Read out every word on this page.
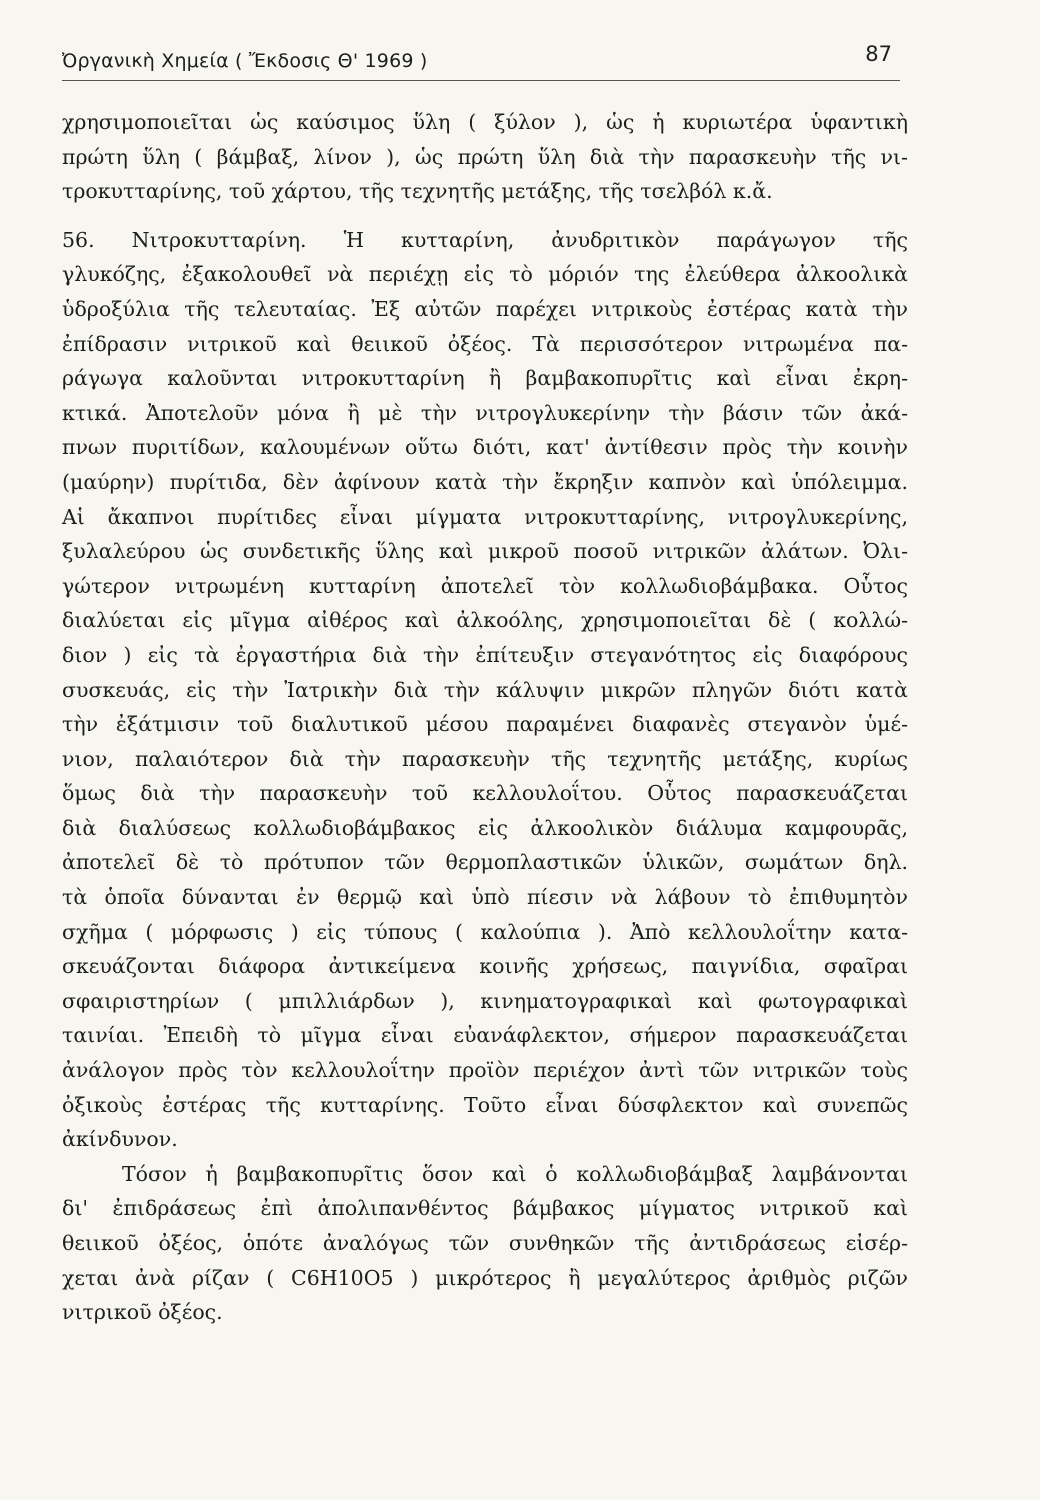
Ὀργανικὴ Χημεία ( Ἔκδοσις Θ' 1969 )	87
χρησιμοποιεῖται ὡς καύσιμος ὕλη ( ξύλον ), ὡς ἡ κυριωτέρα ὑφαντικὴ
πρώτη ὕλη ( βάμβαξ, λίνον ), ὡς πρώτη ὕλη διὰ τὴν παρασκευὴν τῆς νι-
τροκυτταρίνης, τοῦ χάρτου, τῆς τεχνητῆς μετάξης, τῆς τσελβόλ κ.ἄ.
56. Νιτροκυτταρίνη. Ἡ κυτταρίνη, ἀνυδριτικὸν παράγωγον τῆς
γλυκόζης, ἐξακολουθεῖ νὰ περιέχῃ εἰς τὸ μόριόν της ἐλεύθερα ἀλκοολικὰ
ὑδροξύλια τῆς τελευταίας. Ἐξ αὐτῶν παρέχει νιτρικοὺς ἐστέρας κατὰ τὴν
ἐπίδρασιν νιτρικοῦ καὶ θειικοῦ ὀξέος. Τὰ περισσότερον νιτρωμένα πα-
ράγωγα καλοῦνται νιτροκυτταρίνη ἢ βαμβακοπυρῖτις καὶ εἶναι ἐκρη-
κτικά. Ἀποτελοῦν μόνα ἢ μὲ τὴν νιτρογλυκερίνην τὴν βάσιν τῶν ἀκά-
πνων πυριτίδων, καλουμένων οὕτω διότι, κατ' ἀντίθεσιν πρὸς τὴν κοινὴν
(μαύρην) πυρίτιδα, δὲν ἀφίνουν κατὰ τὴν ἔκρηξιν καπνὸν καὶ ὑπόλειμμα.
Αἱ ἄκαπνοι πυρίτιδες εἶναι μίγματα νιτροκυτταρίνης, νιτρογλυκερίνης,
ξυλαλεύρου ὡς συνδετικῆς ὕλης καὶ μικροῦ ποσοῦ νιτρικῶν ἀλάτων. Ὀλι-
γώτερον νιτρωμένη κυτταρίνη ἀποτελεῖ τὸν κολλωδιοβάμβακα. Οὗτος
διαλύεται εἰς μῖγμα αἰθέρος καὶ ἀλκοόλης, χρησιμοποιεῖται δὲ ( κολλώ-
διον ) εἰς τὰ ἐργαστήρια διὰ τὴν ἐπίτευξιν στεγανότητος εἰς διαφόρους
συσκευάς, εἰς τὴν Ἰατρικὴν διὰ τὴν κάλυψιν μικρῶν πληγῶν διότι κατὰ
τὴν ἐξάτμισιν τοῦ διαλυτικοῦ μέσου παραμένει διαφανὲς στεγανὸν ὑμέ-
νιον, παλαιότερον διὰ τὴν παρασκευὴν τῆς τεχνητῆς μετάξης, κυρίως
ὅμως διὰ τὴν παρασκευὴν τοῦ κελλουλοΐτου. Οὗτος παρασκευάζεται
διὰ διαλύσεως κολλωδιοβάμβακος εἰς ἀλκοολικὸν διάλυμα καμφουρᾶς,
ἀποτελεῖ δὲ τὸ πρότυπον τῶν θερμοπλαστικῶν ὑλικῶν, σωμάτων δηλ.
τὰ ὁποῖα δύνανται ἐν θερμῷ καὶ ὑπὸ πίεσιν νὰ λάβουν τὸ ἐπιθυμητὸν
σχῆμα ( μόρφωσις ) εἰς τύπους ( καλούπια ). Ἀπὸ κελλουλοΐτην κατα-
σκευάζονται διάφορα ἀντικείμενα κοινῆς χρήσεως, παιγνίδια, σφαῖραι
σφαιριστηρίων ( μπιλλιάρδων ), κινηματογραφικαὶ καὶ φωτογραφικαὶ
ταινίαι. Ἐπειδὴ τὸ μῖγμα εἶναι εὐανάφλεκτον, σήμερον παρασκευάζεται
ἀνάλογον πρὸς τὸν κελλουλοΐτην προϊὸν περιέχον ἀντὶ τῶν νιτρικῶν τοὺς
ὀξικοὺς ἐστέρας τῆς κυτταρίνης. Τοῦτο εἶναι δύσφλεκτον καὶ συνεπῶς
ἀκίνδυνον.
Τόσον ἡ βαμβακοπυρῖτις ὅσον καὶ ὁ κολλωδιοβάμβαξ λαμβάνονται
δι' ἐπιδράσεως ἐπὶ ἀπολιπανθέντος βάμβακος μίγματος νιτρικοῦ καὶ
θειικοῦ ὀξέος, ὁπότε ἀναλόγως τῶν συνθηκῶν τῆς ἀντιδράσεως εἰσέρ-
χεται ἀνὰ ρίζαν ( C6H10O5 ) μικρότερος ἢ μεγαλύτερος ἀριθμὸς ριζῶν
νιτρικοῦ ὀξέος.
